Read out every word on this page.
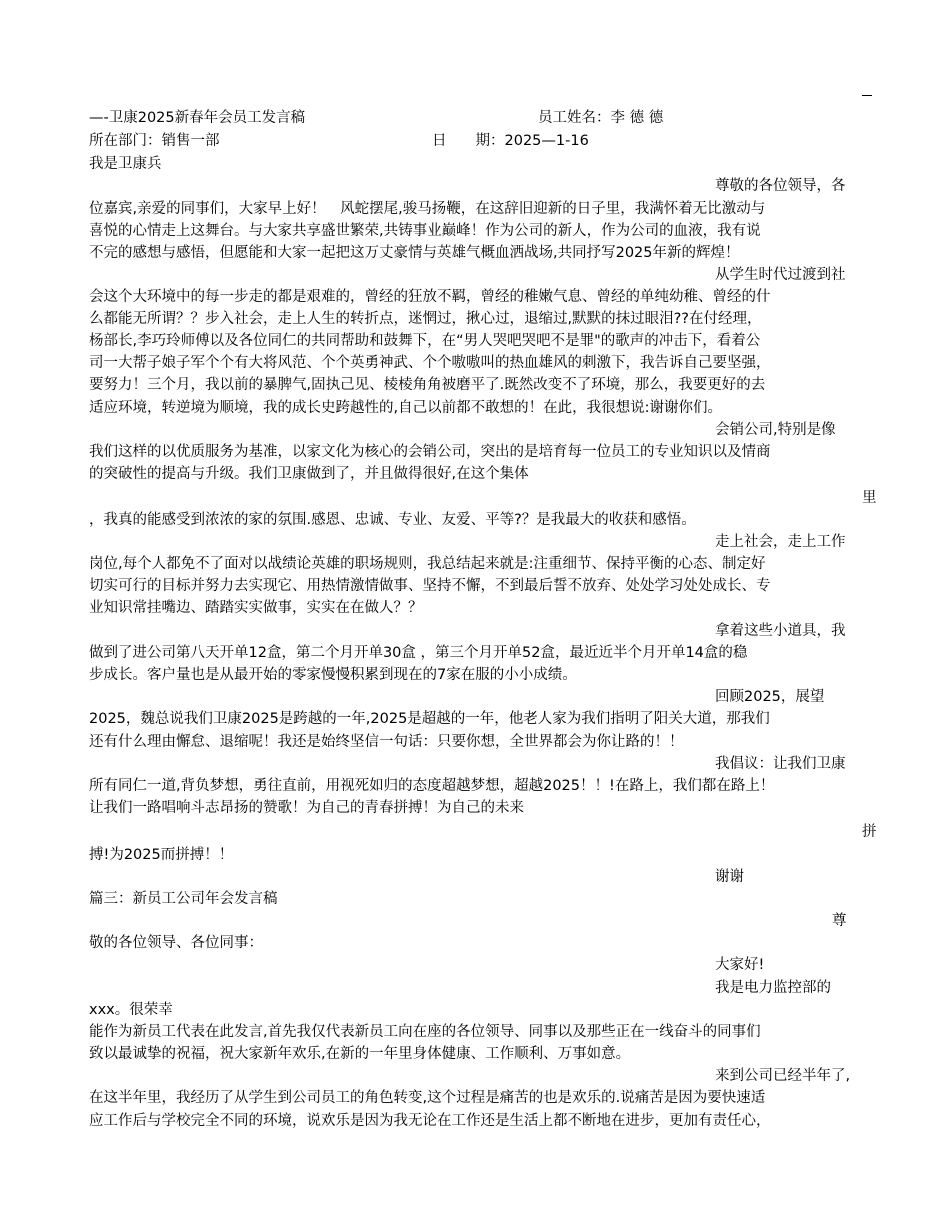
—-卫康2025新春年会员工发言稿	员工姓名：李 德 德
所在部门：销售一部	日　　期：2025—1-16
我是卫康兵
尊敬的各位领导，各
位嘉宾,亲爱的同事们，大家早上好！　风蛇摆尾,骏马扬鞭，在这辞旧迎新的日子里，我满怀着无比激动与
喜悦的心情走上这舞台。与大家共享盛世繁荣,共铸事业巅峰！作为公司的新人，作为公司的血液，我有说
不完的感想与感悟，但愿能和大家一起把这万丈豪情与英雄气概血洒战场,共同抒写2025年新的辉煌！
从学生时代过渡到社
会这个大环境中的每一步走的都是艰难的，曾经的狂放不羁，曾经的稚嫩气息、曾经的单纯幼稚、曾经的什
么都能无所谓？？步入社会，走上人生的转折点，迷惘过，揪心过，退缩过,默默的抹过眼泪??在付经理，
杨部长,李巧玲师傅以及各位同仁的共同帮助和鼓舞下，在“男人哭吧哭吧不是罪"的歌声的冲击下，看着公
司一大帮子娘子军个个有大将风范、个个英勇神武、个个嗷嗷叫的热血雄风的刺激下，我告诉自己要坚强，
要努力！三个月，我以前的暴脾气,固执己见、棱棱角角被磨平了.既然改变不了环境，那么，我要更好的去
适应环境，转逆境为顺境，我的成长史跨越性的,自己以前都不敢想的！在此，我很想说:谢谢你们。
会销公司,特别是像
我们这样的以优质服务为基准，以家文化为核心的会销公司，突出的是培育每一位员工的专业知识以及情商
的突破性的提高与升级。我们卫康做到了，并且做得很好,在这个集体
里
，我真的能感受到浓浓的家的氛围.感恩、忠诚、专业、友爱、平等?？是我最大的收获和感悟。
走上社会，走上工作
岗位,每个人都免不了面对以战绩论英雄的职场规则，我总结起来就是:注重细节、保持平衡的心态、制定好
切实可行的目标并努力去实现它、用热情激情做事、坚持不懈，不到最后誓不放弃、处处学习处处成长、专
业知识常挂嘴边、踏踏实实做事，实实在在做人？？
拿着这些小道具，我
做到了进公司第八天开单12盒，第二个月开单30盒 ，第三个月开单52盒，最近近半个月开单14盒的稳
步成长。客户量也是从最开始的零家慢慢积累到现在的7家在服的小小成绩。
回顾2025，展望
2025，魏总说我们卫康2025是跨越的一年,2025是超越的一年，他老人家为我们指明了阳关大道，那我们
还有什么理由懈怠、退缩呢！我还是始终坚信一句话：只要你想，全世界都会为你让路的！！
我倡议：让我们卫康
所有同仁一道,背负梦想，勇往直前，用视死如归的态度超越梦想，超越2025！！!在路上，我们都在路上！
让我们一路唱响斗志昂扬的赞歌！为自己的青春拼搏！为自己的未来
拼
搏!为2025而拼搏！！
谢谢
篇三：新员工公司年会发言稿
尊
敬的各位领导、各位同事：
大家好!
我是电力监控部的
xxx。很荣幸
能作为新员工代表在此发言,首先我仅代表新员工向在座的各位领导、同事以及那些正在一线奋斗的同事们
致以最诚挚的祝福，祝大家新年欢乐,在新的一年里身体健康、工作顺利、万事如意。
来到公司已经半年了,
在这半年里，我经历了从学生到公司员工的角色转变,这个过程是痛苦的也是欢乐的.说痛苦是因为要快速适
应工作后与学校完全不同的环境，说欢乐是因为我无论在工作还是生活上都不断地在进步，更加有责任心，
